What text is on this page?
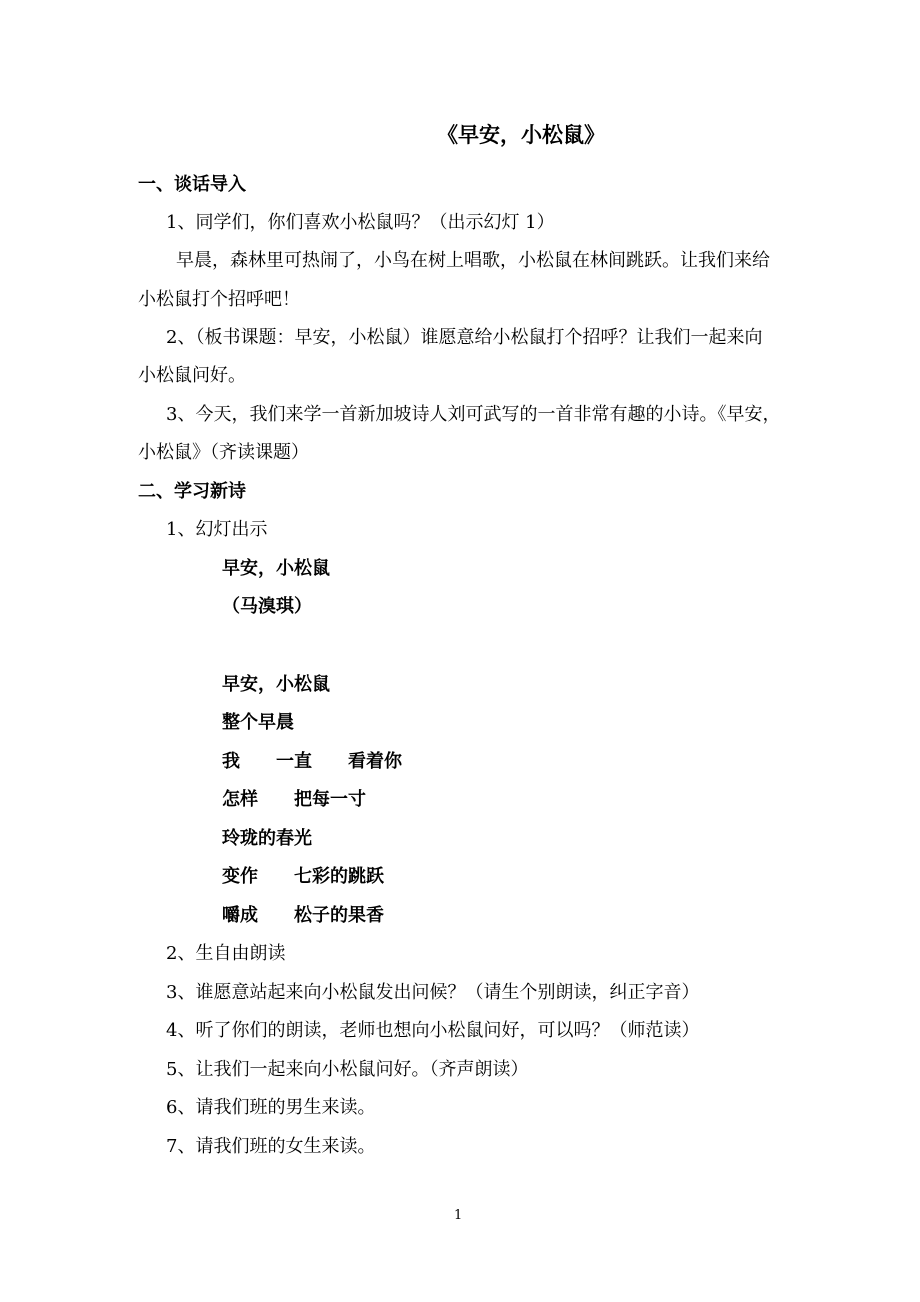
《早安，小松鼠》
一、谈话导入
1、同学们，你们喜欢小松鼠吗？（出示幻灯 1）
早晨，森林里可热闹了，小鸟在树上唱歌，小松鼠在林间跳跃。让我们来给
小松鼠打个招呼吧！
2、（板书课题：早安，小松鼠）谁愿意给小松鼠打个招呼？让我们一起来向
小松鼠问好。
3、今天，我们来学一首新加坡诗人刘可武写的一首非常有趣的小诗。《早安，
小松鼠》（齐读课题）
二、学习新诗
1、幻灯出示
早安，小松鼠
（马溴琪）
早安，小松鼠
整个早晨
我　　一直　　看着你
怎样　　把每一寸
玲珑的春光
变作　　七彩的跳跃
嚼成　　松子的果香
2、生自由朗读
3、谁愿意站起来向小松鼠发出问候？（请生个别朗读，纠正字音）
4、听了你们的朗读，老师也想向小松鼠问好，可以吗？（师范读）
5、让我们一起来向小松鼠问好。（齐声朗读）
6、请我们班的男生来读。
7、请我们班的女生来读。
1
